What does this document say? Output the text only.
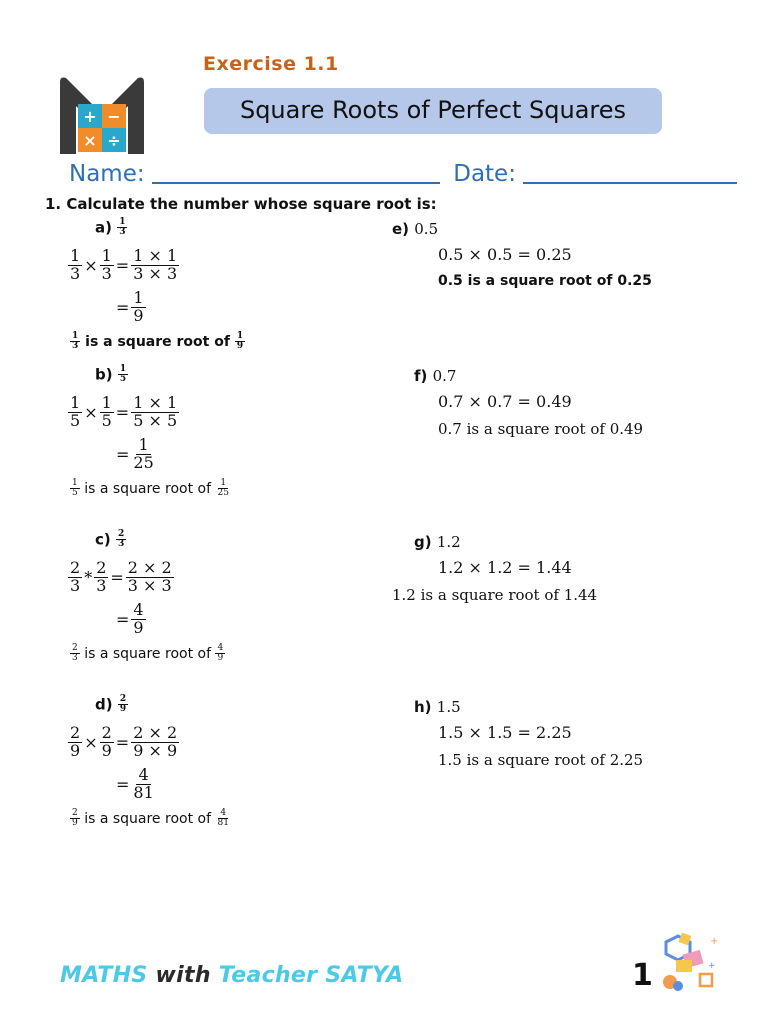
+ −
× ÷
Exercise 1.1
Square Roots of Perfect Squares
Name:	Date:
1. Calculate the number whose square root is:
$a) \frac{1}{3}$
$\frac{1}{3} \times \frac{1}{3} = \frac{1 \times 1}{3 \times 3}$
= $\frac{1}{9}$
$\frac{1}{3}$ is a square root of $\frac{1}{9}$
$b) \frac{1}{5}$
$\frac{1}{5} \times \frac{1}{5} = \frac{1 \times 1}{5 \times 5}$
= $\frac{1}{25}$
$\frac{1}{5}$ is a square root of $\frac{1}{25}$
$c) \frac{2}{3}$
$\frac{2}{3} * \frac{2}{3} = \frac{2 \times 2}{3 \times 3}$
= $\frac{4}{9}$
$\frac{2}{3}$ is a square root of $\frac{4}{9}$
$d) \frac{2}{9}$
$\frac{2}{9} \times \frac{2}{9} = \frac{2 \times 2}{9 \times 9}$
= $\frac{4}{81}$
$\frac{2}{9}$ is a square root of $\frac{4}{81}$
e) 0.5
0.5 × 0.5 = 0.25
0.5 is a square root of 0.25
f) 0.7
0.7 × 0.7 = 0.49
0.7 is a square root of 0.49
g) 1.2
1.2 × 1.2 = 1.44
1.2 is a square root of 1.44
h) 1.5
1.5 × 1.5 = 2.25
1.5 is a square root of 2.25
MATHS with Teacher SATYA	1
+
+
